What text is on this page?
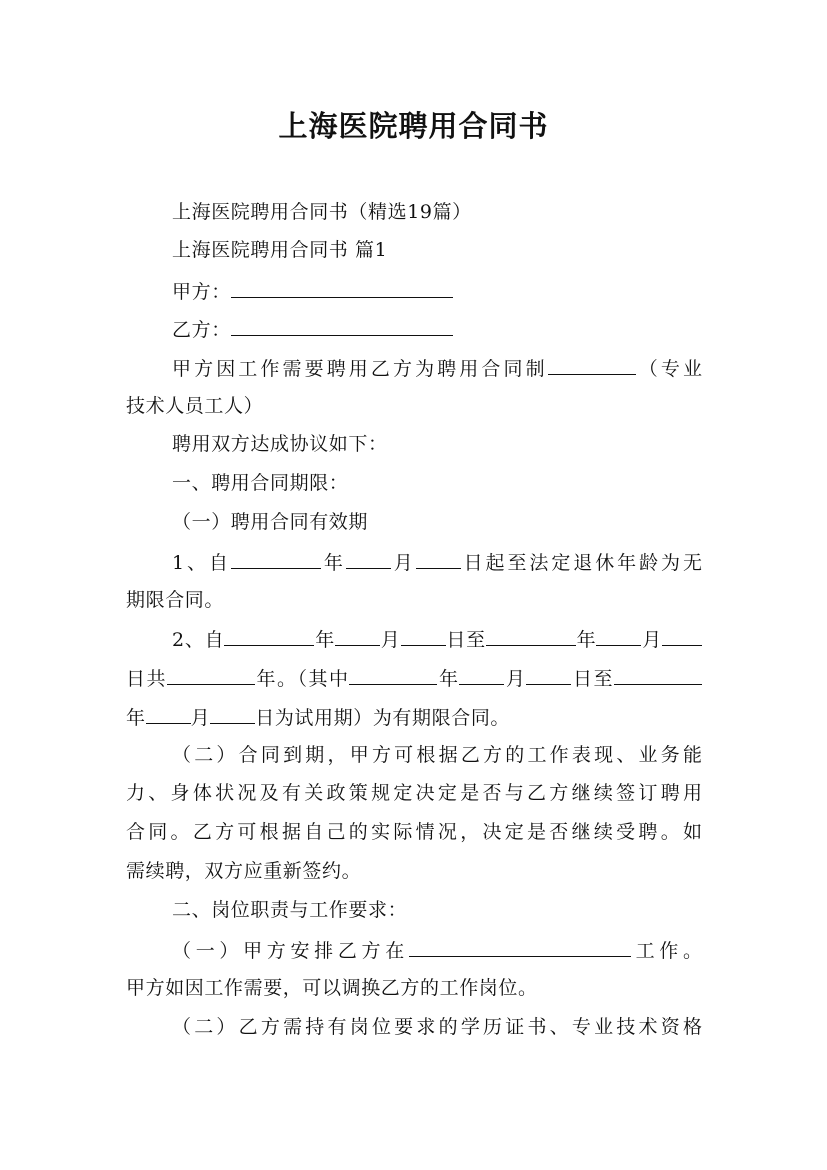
上海医院聘用合同书
上海医院聘用合同书（精选19篇）
上海医院聘用合同书 篇1
甲方：
乙方：
甲方因工作需要聘用乙方为聘用合同制	（专业
技术人员工人）
聘用双方达成协议如下：
一、聘用合同期限：
（一）聘用合同有效期
1、自	年 月 日起至法定退休年龄为无
期限合同。
2、自	年 月 日至	年 月
日共	年。（其中	年 月 日至
年 月 日为试用期）为有期限合同。
（二）合同到期，甲方可根据乙方的工作表现、业务能
力、身体状况及有关政策规定决定是否与乙方继续签订聘用
合同。乙方可根据自己的实际情况，决定是否继续受聘。如
需续聘，双方应重新签约。
二、岗位职责与工作要求：
（一）甲方安排乙方在	工作。
甲方如因工作需要，可以调换乙方的工作岗位。
（二）乙方需持有岗位要求的学历证书、专业技术资格
